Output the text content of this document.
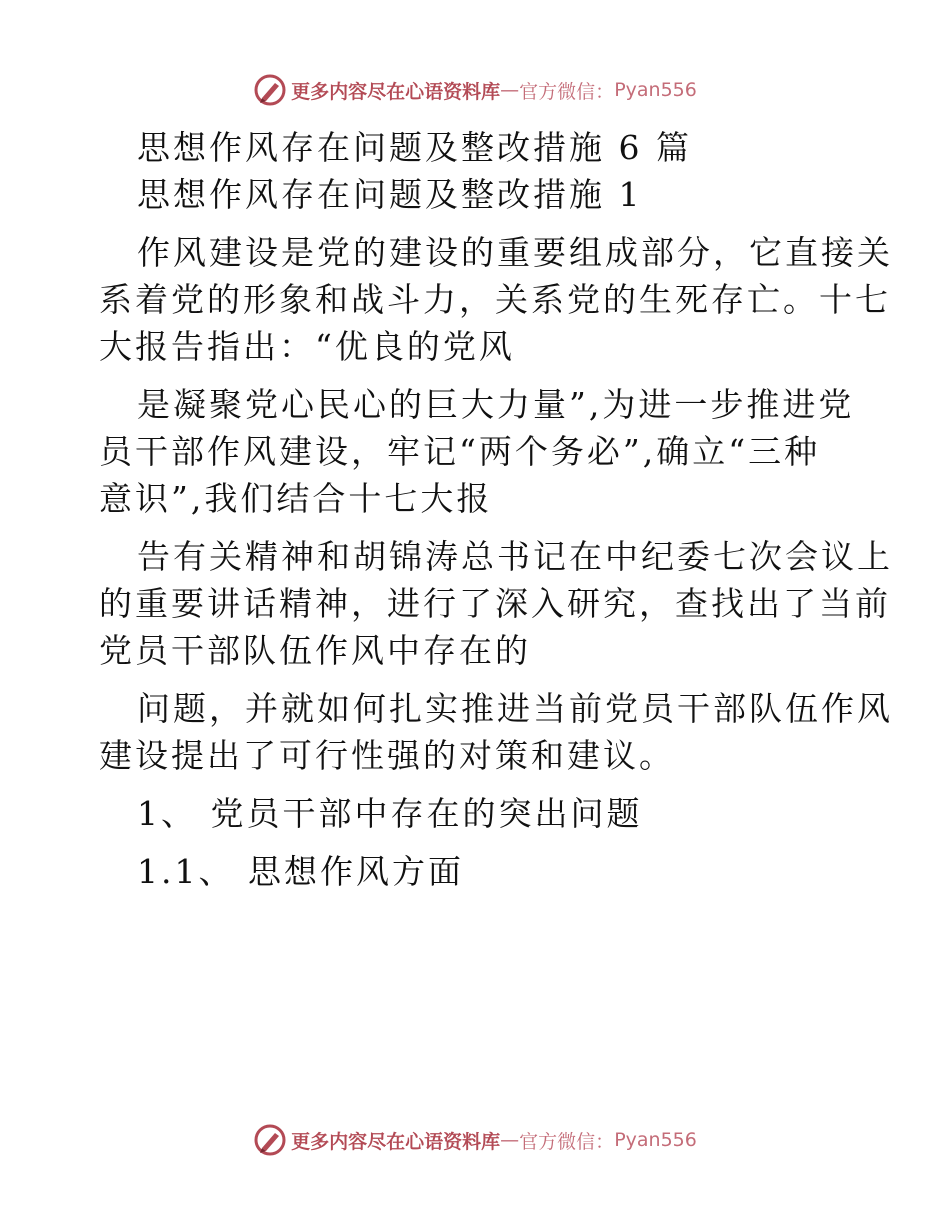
更多内容尽在心语资料库 — 官方微信： Pyan556
思想作风存在问题及整改措施 6 篇
思想作风存在问题及整改措施 1
作风建设是党的建设的重要组成部分，它直接关
系着党的形象和战斗力，关系党的生死存亡。十七
大报告指出：“优良的党风
是凝聚党心民心的巨大力量”,为进一步推进党
员干部作风建设，牢记“两个务必”,确立“三种
意识”,我们结合十七大报
告有关精神和胡锦涛总书记在中纪委七次会议上
的重要讲话精神，进行了深入研究，查找出了当前
党员干部队伍作风中存在的
问题，并就如何扎实推进当前党员干部队伍作风
建设提出了可行性强的对策和建议。
1、 党员干部中存在的突出问题
1.1、 思想作风方面
更多内容尽在心语资料库 — 官方微信： Pyan556
